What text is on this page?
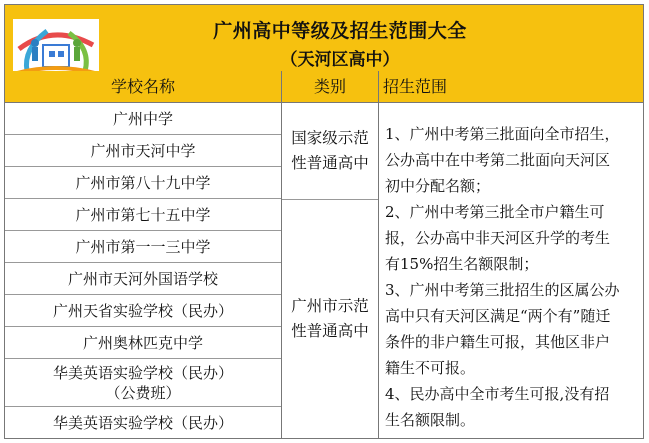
广州高中等级及招生范围大全
（天河区高中）
学校名称	类别	招生范围
广州中学
广州市天河中学
广州市第八十九中学
广州市第七十五中学
广州市第一一三中学
广州市天河外国语学校
广州天省实验学校（民办）
广州奥林匹克中学
华美英语实验学校（民办）
（公费班）
华美英语实验学校（民办）
国家级示范
性普通高中
广州市示范
性普通高中

1、广州中考第三批面向全市招生，

公办高中在中考第二批面向天河区

初中分配名额；

2、广州中考第三批全市户籍生可

报，公办高中非天河区升学的考生

有15%招生名额限制；

3、广州中考第三批招生的区属公办

高中只有天河区满足“两个有”随迁

条件的非户籍生可报，其他区非户

籍生不可报。

4、民办高中全市考生可报,没有招

生名额限制。
